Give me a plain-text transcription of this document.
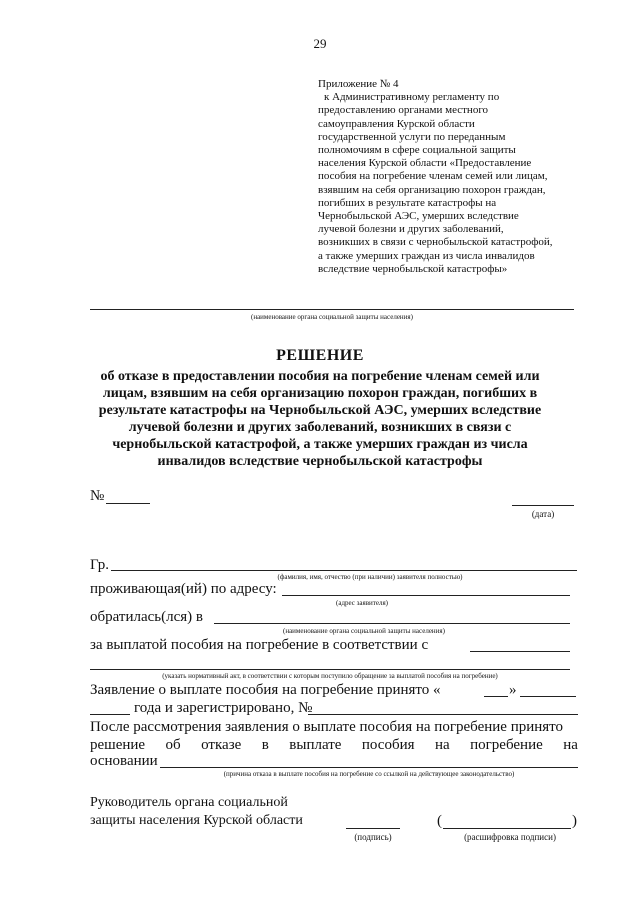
29
Приложение № 4
к Административному регламенту по
предоставлению органами местного
самоуправления Курской области
государственной услуги по переданным
полномочиям в сфере социальной защиты
населения Курской области «Предоставление
пособия на погребение членам семей или лицам,
взявшим на себя организацию похорон граждан,
погибших в результате катастрофы на
Чернобыльской АЭС, умерших вследствие
лучевой болезни и других заболеваний,
возникших в связи с чернобыльской катастрофой,
а также умерших граждан из числа инвалидов
вследствие чернобыльской катастрофы»
(наименование органа социальной защиты населения)
РЕШЕНИЕ
об отказе в предоставлении пособия на погребение членам семей или
лицам, взявшим на себя организацию похорон граждан, погибших в
результате катастрофы на Чернобыльской АЭС, умерших вследствие
лучевой болезни и других заболеваний, возникших в связи с
чернобыльской катастрофой, а также умерших граждан из числа
инвалидов вследствие чернобыльской катастрофы
№
(дата)
Гр.
(фамилия, имя, отчество (при наличии) заявителя полностью)
проживающая(ий) по адресу:
(адрес заявителя)
обратилась(лся) в
(наименование органа социальной защиты населения)
за выплатой пособия на погребение в соответствии с
(указать нормативный акт, в соответствии с которым поступило обращение за выплатой пособия на погребение)
Заявление о выплате пособия на погребение принято «	»
года и зарегистрировано, №
После рассмотрения заявления о выплате пособия на погребение принято
решение об отказе в выплате пособия на погребение на
основании
(причина отказа в выплате пособия на погребение со ссылкой на действующее законодательство)
Руководитель органа социальной
защиты населения Курской области
(подпись)
(	)
(расшифровка подписи)
